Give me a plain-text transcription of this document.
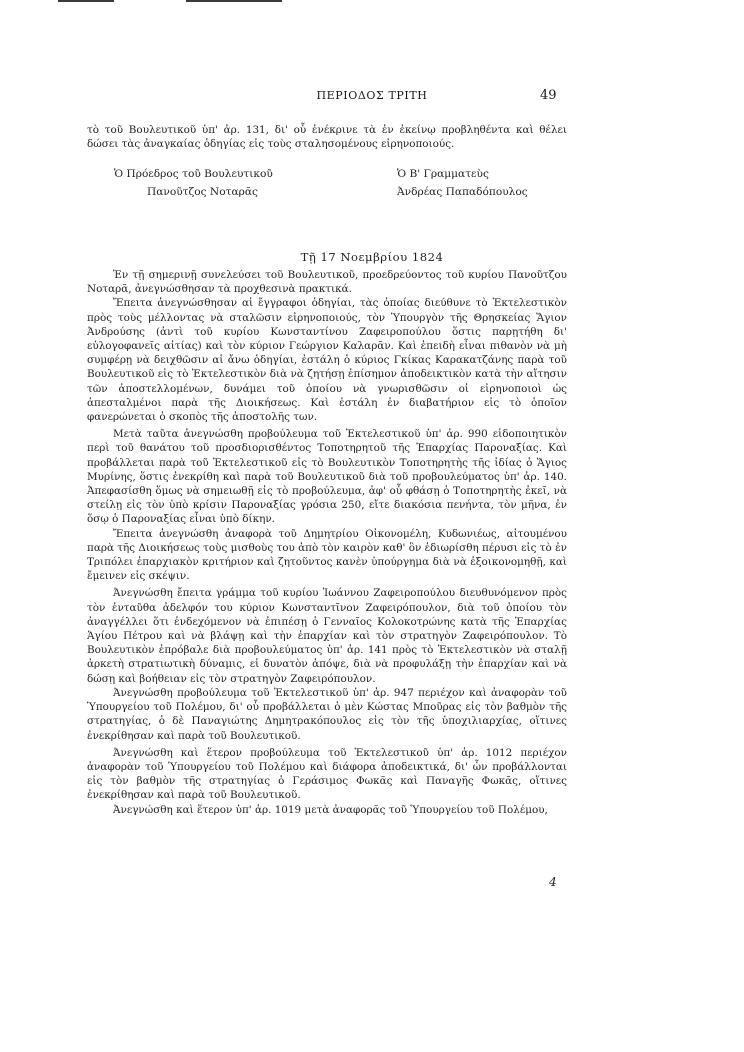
ΠΕΡΙΟΔΟΣ ΤΡΙΤΗ	49

τὸ τοῦ Βουλευτικοῦ ὑπ' ἀρ. 131, δι' οὗ ἐνέκρινε τὰ ἐν ἐκείνῳ προβληθέντα καὶ θέλει δώσει τὰς ἀναγκαίας ὁδηγίας εἰς τοὺς σταλησομένους εἰρηνοποιούς.

Ὁ Πρόεδρος τοῦ Βουλευτικοῦ
Πανοῦτζος Νοταρᾶς
Ὁ Β' Γραμματεὺς
Ἀνδρέας Παπαδόπουλος
Τῇ 17 Νοεμβρίου 1824

Ἐν τῇ σημερινῇ συνελεύσει τοῦ Βουλευτικοῦ, προεδρεύοντος τοῦ κυρίου Πανοῦτζου Νοταρᾶ, ἀνεγνώσθησαν τὰ προχθεσινὰ πρακτικά.

Ἔπειτα ἀνεγνώσθησαν αἱ ἔγγραφοι ὁδηγίαι, τὰς ὁποίας διεύθυνε τὸ Ἐκτελεστικὸν πρὸς τοὺς μέλλοντας νὰ σταλῶσιν εἰρηνοποιούς, τὸν Ὑπουργὸν τῆς Θρησκείας Ἅγιον Ἀνδρούσης (ἀντὶ τοῦ κυρίου Κωνσταντίνου Ζαφειροπούλου ὅστις παρῃτήθη δι' εὐλογοφανεῖς αἰτίας) καὶ τὸν κύριον Γεώργιον Καλαρᾶν. Καὶ ἐπειδὴ εἶναι πιθανὸν νὰ μὴ συμφέρῃ νὰ δειχθῶσιν αἱ ἄνω ὁδηγίαι, ἐστάλη ὁ κύριος Γκίκας Καρακατζάνης παρὰ τοῦ Βουλευτικοῦ εἰς τὸ Ἐκτελεστικὸν διὰ νὰ ζητήσῃ ἐπίσημον ἀποδεικτικὸν κατὰ τὴν αἴτησιν τῶν ἀποστελλομένων, δυνάμει τοῦ ὁποίου νὰ γνωρισθῶσιν οἱ εἰρηνοποιοὶ ὡς ἀπεσταλμένοι παρὰ τῆς Διοικήσεως. Καὶ ἐστάλη ἐν διαβατήριον εἰς τὸ ὁποῖον φανερώνεται ὁ σκοπὸς τῆς ἀποστολῆς των.

Μετὰ ταῦτα ἀνεγνώσθη προβούλευμα τοῦ Ἐκτελεστικοῦ ὑπ' ἀρ. 990 εἰδοποιητικὸν περὶ τοῦ θανάτου τοῦ προσδιορισθέντος Τοποτηρητοῦ τῆς Ἐπαρχίας Παροναξίας. Καὶ προβάλλεται παρὰ τοῦ Ἐκτελεστικοῦ εἰς τὸ Βουλευτικὸν Τοποτηρητὴς τῆς ἰδίας ὁ Ἅγιος Μυρίνης, ὅστις ἐνεκρίθη καὶ παρὰ τοῦ Βουλευτικοῦ διὰ τοῦ προβουλεύματος ὑπ' ἀρ. 140. Ἀπεφασίσθη ὅμως νὰ σημειωθῇ εἰς τὸ προβούλευμα, ἀφ' οὗ φθάσῃ ὁ Τοποτηρητὴς ἐκεῖ, νὰ στείλῃ εἰς τὸν ὑπὸ κρίσιν Παροναξίας γρόσια 250, εἴτε διακόσια πενήντα, τὸν μῆνα, ἐν ὅσῳ ὁ Παροναξίας εἶναι ὑπὸ δίκην.

Ἔπειτα ἀνεγνώσθη ἀναφορὰ τοῦ Δημητρίου Οἰκονομέλη, Κυδωνιέως, αἰτουμένου παρὰ τῆς Διοικήσεως τοὺς μισθοὺς του ἀπὸ τὸν καιρὸν καθ' ὃν ἐδιωρίσθη πέρυσι εἰς τὸ ἐν Τριπόλει ἐπαρχιακὸν κριτήριον καὶ ζητοῦντος κανὲν ὑπούργημα διὰ νὰ ἐξοικονομηθῇ, καὶ ἔμεινεν εἰς σκέψιν.

Ἀνεγνώσθη ἔπειτα γράμμα τοῦ κυρίου Ἰωάννου Ζαφειροπούλου διευθυνόμενον πρὸς τὸν ἐνταῦθα ἀδελφόν του κύριον Κωνσταντῖνον Ζαφειρόπουλον, διὰ τοῦ ὁποίου τὸν ἀναγγέλλει ὅτι ἐνδεχόμενον νὰ ἐπιπέσῃ ὁ Γενναῖος Κολοκοτρώνης κατὰ τῆς Ἐπαρχίας Ἁγίου Πέτρου καὶ νὰ βλάψῃ καὶ τὴν ἐπαρχίαν καὶ τὸν στρατηγὸν Ζαφειρόπουλον. Τὸ Βουλευτικὸν ἐπρόβαλε διὰ προβουλεύματος ὑπ' ἀρ. 141 πρὸς τὸ Ἐκτελεστικὸν νὰ σταλῇ ἀρκετὴ στρατιωτικὴ δύναμις, εἰ δυνατὸν ἀπόψε, διὰ νὰ προφυλάξῃ τὴν ἐπαρχίαν καὶ νὰ δώσῃ καὶ βοήθειαν εἰς τὸν στρατηγὸν Ζαφειρόπουλον.

Ἀνεγνώσθη προβούλευμα τοῦ Ἐκτελεστικοῦ ὑπ' ἀρ. 947 περιέχον καὶ ἀναφορὰν τοῦ Ὑπουργείου τοῦ Πολέμου, δι' οὗ προβάλλεται ὁ μὲν Κώστας Μποῦρας εἰς τὸν βαθμὸν τῆς στρατηγίας, ὁ δὲ Παναγιώτης Δημητρακόπουλος εἰς τὸν τῆς ὑποχιλιαρχίας, οἵτινες ἐνεκρίθησαν καὶ παρὰ τοῦ Βουλευτικοῦ.

Ἀνεγνώσθη καὶ ἕτερον προβούλευμα τοῦ Ἐκτελεστικοῦ ὑπ' ἀρ. 1012 περιέχον ἀναφορὰν τοῦ Ὑπουργείου τοῦ Πολέμου καὶ διάφορα ἀποδεικτικά, δι' ὧν προβάλλονται εἰς τὸν βαθμὸν τῆς στρατηγίας ὁ Γεράσιμος Φωκᾶς καὶ Παναγῆς Φωκᾶς, οἵτινες ἐνεκρίθησαν καὶ παρὰ τοῦ Βουλευτικοῦ.

Ἀνεγνώσθη καὶ ἕτερον ὑπ' ἀρ. 1019 μετὰ ἀναφορᾶς τοῦ Ὑπουργείου τοῦ Πολέμου,

4
